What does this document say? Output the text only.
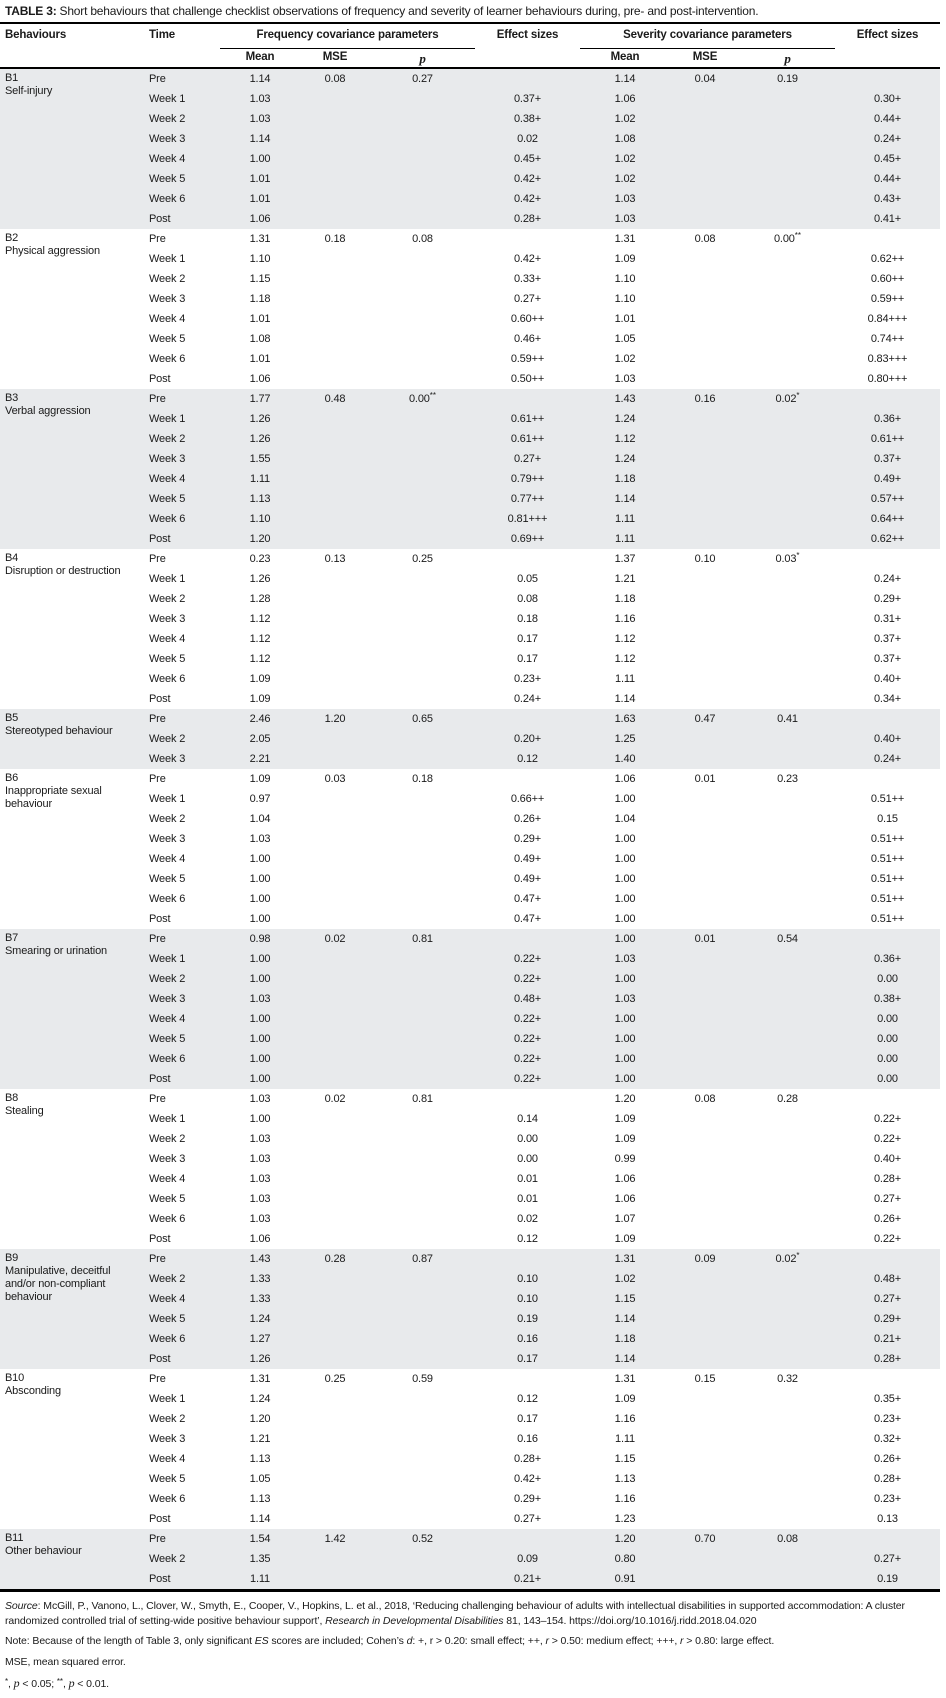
TABLE 3: Short behaviours that challenge checklist observations of frequency and severity of learner behaviours during, pre- and post-intervention.
Behaviours	Time	Frequency covariance parameters			Effect sizes	Severity covariance parameters			Effect sizes
		Mean	MSE	p		Mean	MSE	p	

B1
Self-injury	Pre	1.14	0.08	0.27		1.14	0.04	0.19	
	Week 1	1.03			0.37+	1.06			0.30+
	Week 2	1.03			0.38+	1.02			0.44+
	Week 3	1.14			0.02	1.08			0.24+
	Week 4	1.00			0.45+	1.02			0.45+
	Week 5	1.01			0.42+	1.02			0.44+
	Week 6	1.01			0.42+	1.03			0.43+
	Post	1.06			0.28+	1.03			0.41+

B2
Physical aggression	Pre	1.31	0.18	0.08		1.31	0.08	0.00**	
	Week 1	1.10			0.42+	1.09			0.62++
	Week 2	1.15			0.33+	1.10			0.60++
	Week 3	1.18			0.27+	1.10			0.59++
	Week 4	1.01			0.60++	1.01			0.84+++
	Week 5	1.08			0.46+	1.05			0.74++
	Week 6	1.01			0.59++	1.02			0.83+++
	Post	1.06			0.50++	1.03			0.80+++

B3
Verbal aggression	Pre	1.77	0.48	0.00**		1.43	0.16	0.02*	
	Week 1	1.26			0.61++	1.24			0.36+
	Week 2	1.26			0.61++	1.12			0.61++
	Week 3	1.55			0.27+	1.24			0.37+
	Week 4	1.11			0.79++	1.18			0.49+
	Week 5	1.13			0.77++	1.14			0.57++
	Week 6	1.10			0.81+++	1.11			0.64++
	Post	1.20			0.69++	1.11			0.62++

B4
Disruption or destruction	Pre	0.23	0.13	0.25		1.37	0.10	0.03*	
	Week 1	1.26			0.05	1.21			0.24+
	Week 2	1.28			0.08	1.18			0.29+
	Week 3	1.12			0.18	1.16			0.31+
	Week 4	1.12			0.17	1.12			0.37+
	Week 5	1.12			0.17	1.12			0.37+
	Week 6	1.09			0.23+	1.11			0.40+
	Post	1.09			0.24+	1.14			0.34+

B5
Stereotyped behaviour	Pre	2.46	1.20	0.65		1.63	0.47	0.41	
	Week 2	2.05			0.20+	1.25			0.40+
	Week 3	2.21			0.12	1.40			0.24+

B6
Inappropriate sexual behaviour	Pre	1.09	0.03	0.18		1.06	0.01	0.23	
	Week 1	0.97			0.66++	1.00			0.51++
	Week 2	1.04			0.26+	1.04			0.15
	Week 3	1.03			0.29+	1.00			0.51++
	Week 4	1.00			0.49+	1.00			0.51++
	Week 5	1.00			0.49+	1.00			0.51++
	Week 6	1.00			0.47+	1.00			0.51++
	Post	1.00			0.47+	1.00			0.51++

B7
Smearing or urination	Pre	0.98	0.02	0.81		1.00	0.01	0.54	
	Week 1	1.00			0.22+	1.03			0.36+
	Week 2	1.00			0.22+	1.00			0.00
	Week 3	1.03			0.48+	1.03			0.38+
	Week 4	1.00			0.22+	1.00			0.00
	Week 5	1.00			0.22+	1.00			0.00
	Week 6	1.00			0.22+	1.00			0.00
	Post	1.00			0.22+	1.00			0.00

B8
Stealing	Pre	1.03	0.02	0.81		1.20	0.08	0.28	
	Week 1	1.00			0.14	1.09			0.22+
	Week 2	1.03			0.00	1.09			0.22+
	Week 3	1.03			0.00	0.99			0.40+
	Week 4	1.03			0.01	1.06			0.28+
	Week 5	1.03			0.01	1.06			0.27+
	Week 6	1.03			0.02	1.07			0.26+
	Post	1.06			0.12	1.09			0.22+

B9
Manipulative, deceitful and/or non-compliant behaviour	Pre	1.43	0.28	0.87		1.31	0.09	0.02*	
	Week 2	1.33			0.10	1.02			0.48+
	Week 4	1.33			0.10	1.15			0.27+
	Week 5	1.24			0.19	1.14			0.29+
	Week 6	1.27			0.16	1.18			0.21+
	Post	1.26			0.17	1.14			0.28+

B10
Absconding	Pre	1.31	0.25	0.59		1.31	0.15	0.32	
	Week 1	1.24			0.12	1.09			0.35+
	Week 2	1.20			0.17	1.16			0.23+
	Week 3	1.21			0.16	1.11			0.32+
	Week 4	1.13			0.28+	1.15			0.26+
	Week 5	1.05			0.42+	1.13			0.28+
	Week 6	1.13			0.29+	1.16			0.23+
	Post	1.14			0.27+	1.23			0.13

B11
Other behaviour	Pre	1.54	1.42	0.52		1.20	0.70	0.08	
	Week 2	1.35			0.09	0.80			0.27+
	Post	1.11			0.21+	0.91			0.19

Source: McGill, P., Vanono, L., Clover, W., Smyth, E., Cooper, V., Hopkins, L. et al., 2018, ‘Reducing challenging behaviour of adults with intellectual disabilities in supported accommodation: A cluster randomized controlled trial of setting-wide positive behaviour support’, Research in Developmental Disabilities 81, 143–154. https://doi.org/10.1016/j.ridd.2018.04.020

Note: Because of the length of Table 3, only significant ES scores are included; Cohen’s d: +, r > 0.20: small effect; ++, r > 0.50: medium effect; +++, r > 0.80: large effect.

MSE, mean squared error.

*, p < 0.05; **, p < 0.01.
